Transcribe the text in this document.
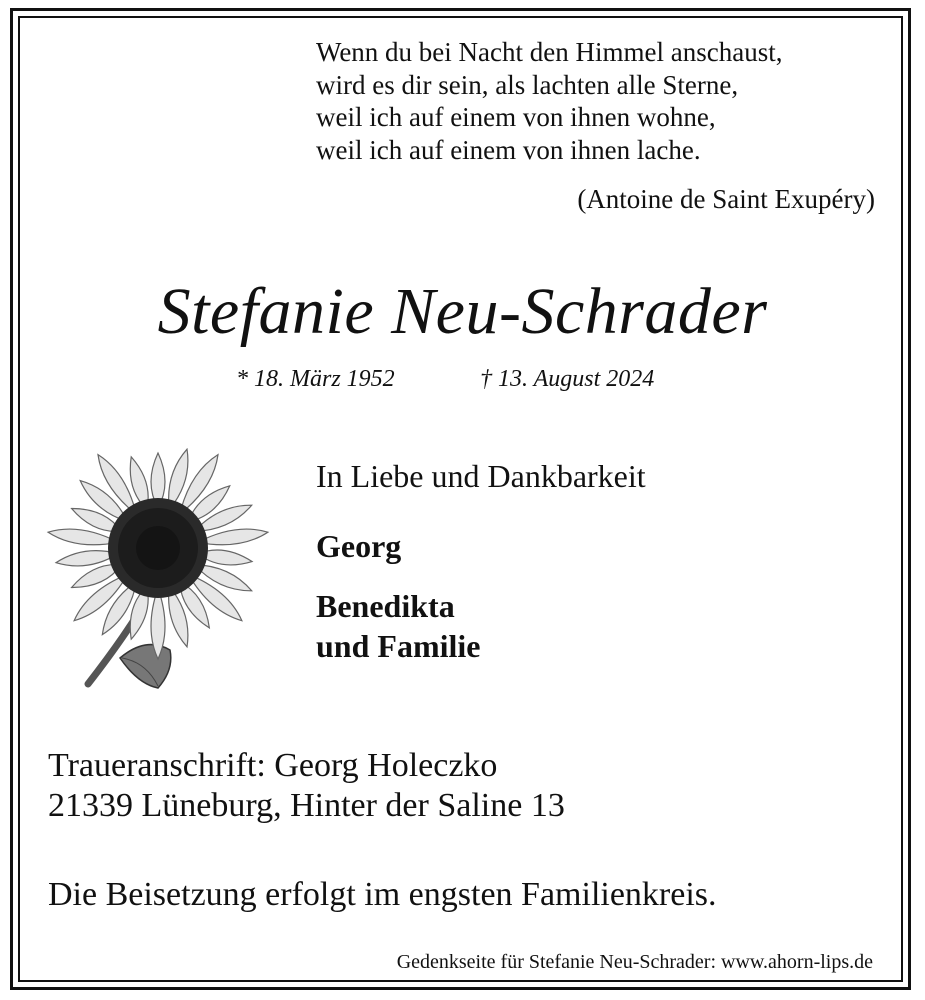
Wenn du bei Nacht den Himmel anschaust,
wird es dir sein, als lachten alle Sterne,
weil ich auf einem von ihnen wohne,
weil ich auf einem von ihnen lache.
(Antoine de Saint Exupéry)
Stefanie Neu-Schrader
* 18. März 1952	† 13. August 2024
In Liebe und Dankbarkeit
Georg
Benedikta
und Familie
Traueranschrift: Georg Holeczko
21339 Lüneburg, Hinter der Saline 13
Die Beisetzung erfolgt im engsten Familienkreis.
Gedenkseite für Stefanie Neu-Schrader: www.ahorn-lips.de
